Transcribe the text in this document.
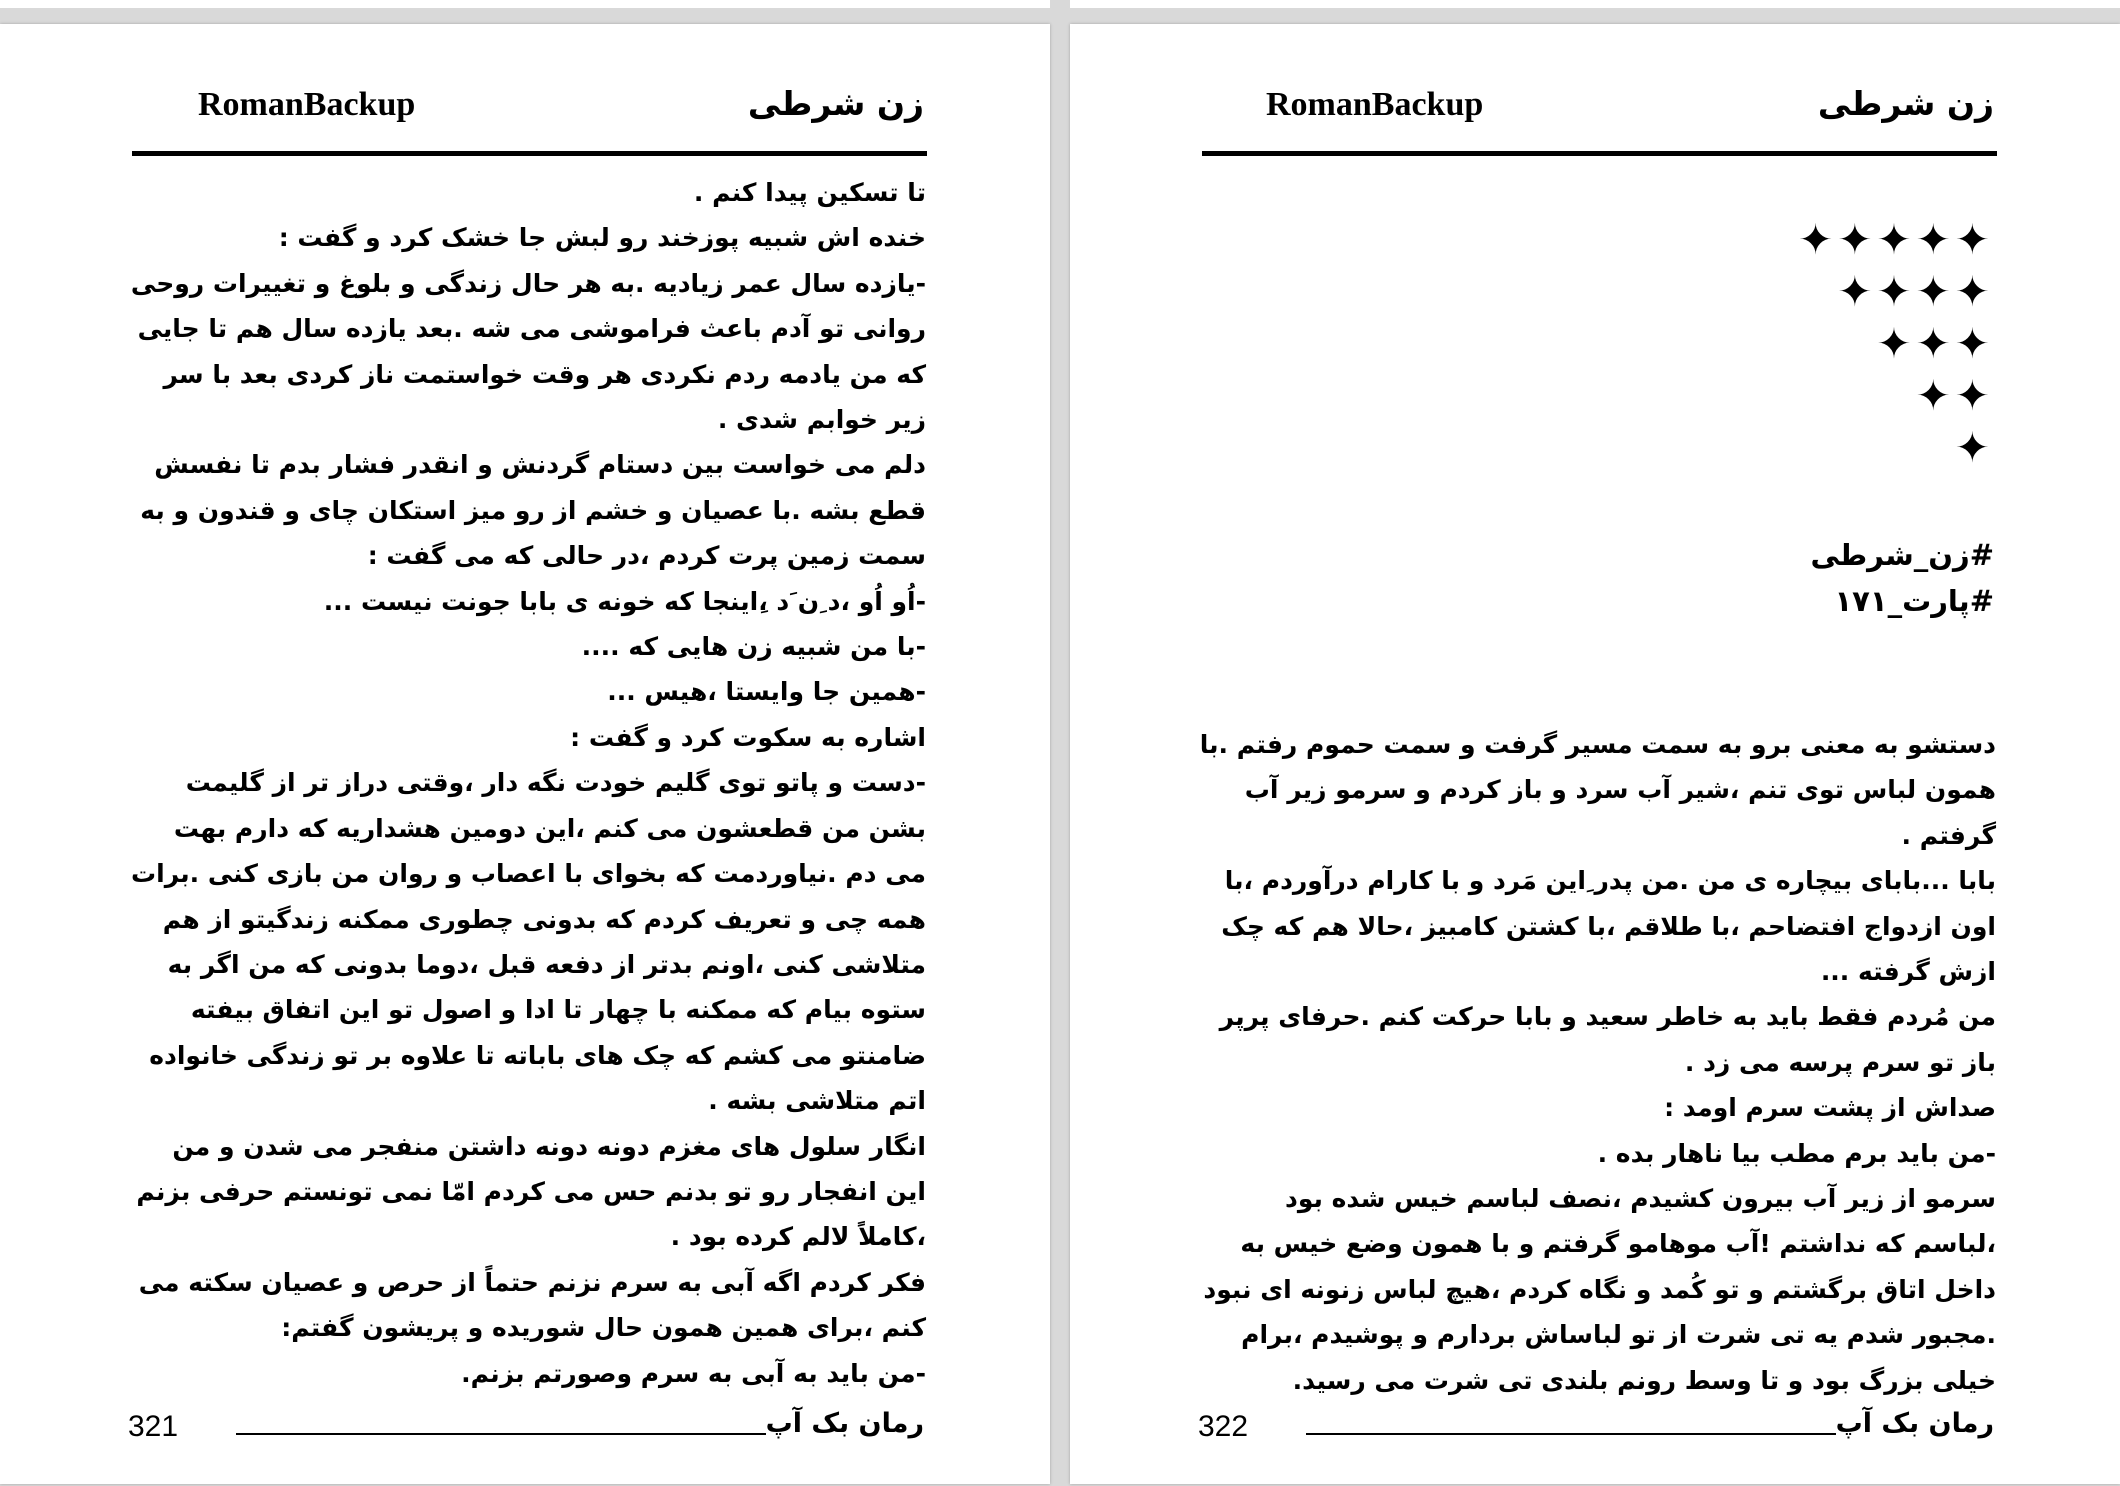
زن شرطی
RomanBackup

تا تسکین پیدا کنم .

خنده اش شبیه پوزخند رو لبش جا خشک کرد و گفت :

-یازده سال عمر زیادیه .به هر حال زندگی و بلوغ و تغییرات روحی روانی تو آدم باعث فراموشی می شه .بعد یازده سال هم تا جایی که من یادمه ردم نکردی هر وقت خواستمت ناز کردی بعد با سر زیر خوابم شدی .

دلم می خواست بین دستام گردنش و انقدر فشار بدم تا نفسش قطع بشه .با عصیان و خشم از رو میز استکان چای و قندون و به سمت زمین پرت کردم ،در حالی که می گفت :

-اُو اُو ،د ِن َد ،ِاینجا که خونه ی بابا جونت نیست ...

-با من شبیه زن هایی که ....

-همین جا وایستا ،هیس ...

اشاره به سکوت کرد و گفت :

-دست و پاتو توی گلیم خودت نگه دار ،وقتی دراز تر از گلیمت بشن من قطعشون می کنم ،این دومین هشداریه که دارم بهت می دم .نیاوردمت که بخوای با اعصاب و روان من بازی کنی .برات همه چی و تعریف کردم که بدونی چطوری ممکنه زندگیتو از هم متلاشی کنی ،اونم بدتر از دفعه قبل ،دوما بدونی که من اگر به ستوه بیام که ممکنه با چهار تا ادا و اصول تو این اتفاق بیفته ضامنتو می کشم که چک های باباته تا علاوه بر تو زندگی خانواده اتم متلاشی بشه .

انگار سلول های مغزم دونه دونه داشتن منفجر می شدن و من این انفجار رو تو بدنم حس می کردم امّا نمی تونستم حرفی بزنم ،کاملاً لالم کرده بود .

فکر کردم اگه آبی به سرم نزنم حتماً از حرص و عصیان سکته می کنم ،برای همین همون حال شوریده و پریشون گفتم:

-من باید به آبی به سرم وصورتم بزنم.

رمان بک آپ
321
زن شرطی
RomanBackup
✦✦✦✦✦
✦✦✦✦
✦✦✦
✦✦
✦
#زن_شرطی
#پارت_۱۷۱

دستشو به معنی برو به سمت مسیر گرفت و سمت حموم رفتم .با همون لباس توی تنم ،شیر آب سرد و باز کردم و سرمو زیر آب گرفتم .

بابا ...بابای بیچاره ی من .من پدر ِاین مَرد و با کارام درآوردم ،با اون ازدواج افتضاحم ،با طلاقم ،با کشتن کامبیز ،حالا هم که چک ازش گرفته ...

من مُردم فقط باید به خاطر سعید و بابا حرکت کنم .حرفای پرپر باز تو سرم پرسه می زد .

صداش از پشت سرم اومد :

-من باید برم مطب بیا ناهار بده .

سرمو از زیر آب بیرون کشیدم ،نصف لباسم خیس شده بود ،لباسم که نداشتم !آب موهامو گرفتم و با همون وضع خیس به داخل اتاق برگشتم و تو کُمد و نگاه کردم ،هیچ لباس زنونه ای نبود .مجبور شدم یه تی شرت از تو لباساش بردارم و پوشیدم ،برام خیلی بزرگ بود و تا وسط رونم بلندی تی شرت می رسید.

رمان بک آپ
322
